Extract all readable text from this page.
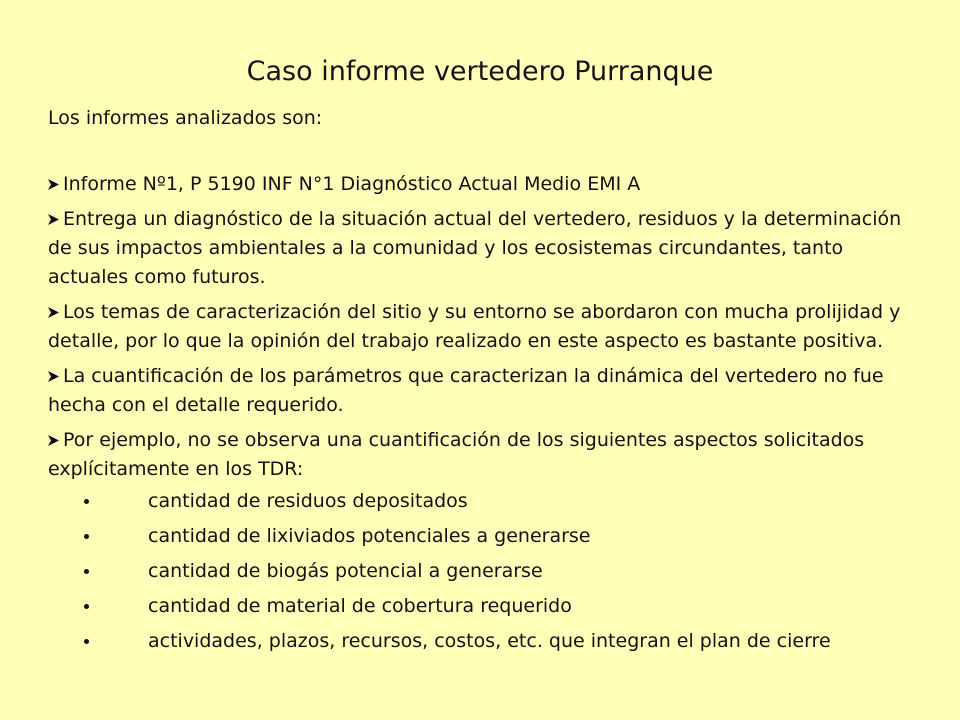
Caso informe vertedero Purranque
Los informes analizados son:
Informe Nº1, P 5190 INF N°1 Diagnóstico Actual Medio EMI A
Entrega un diagnóstico de la situación actual del vertedero, residuos y la determinación de sus impactos ambientales a la comunidad y los ecosistemas circundantes, tanto actuales como futuros.
Los temas de caracterización del sitio y su entorno se abordaron con mucha prolijidad y detalle, por lo que la opinión del trabajo realizado en este aspecto es bastante positiva.
La cuantificación de los parámetros que caracterizan la dinámica del vertedero no fue hecha con el detalle requerido.
Por ejemplo, no se observa una cuantificación de los siguientes aspectos solicitados explícitamente en los TDR:
cantidad de residuos depositados
cantidad de lixiviados potenciales a generarse
cantidad de biogás potencial a generarse
cantidad de material de cobertura requerido
actividades, plazos, recursos, costos, etc. que integran el plan de cierre
